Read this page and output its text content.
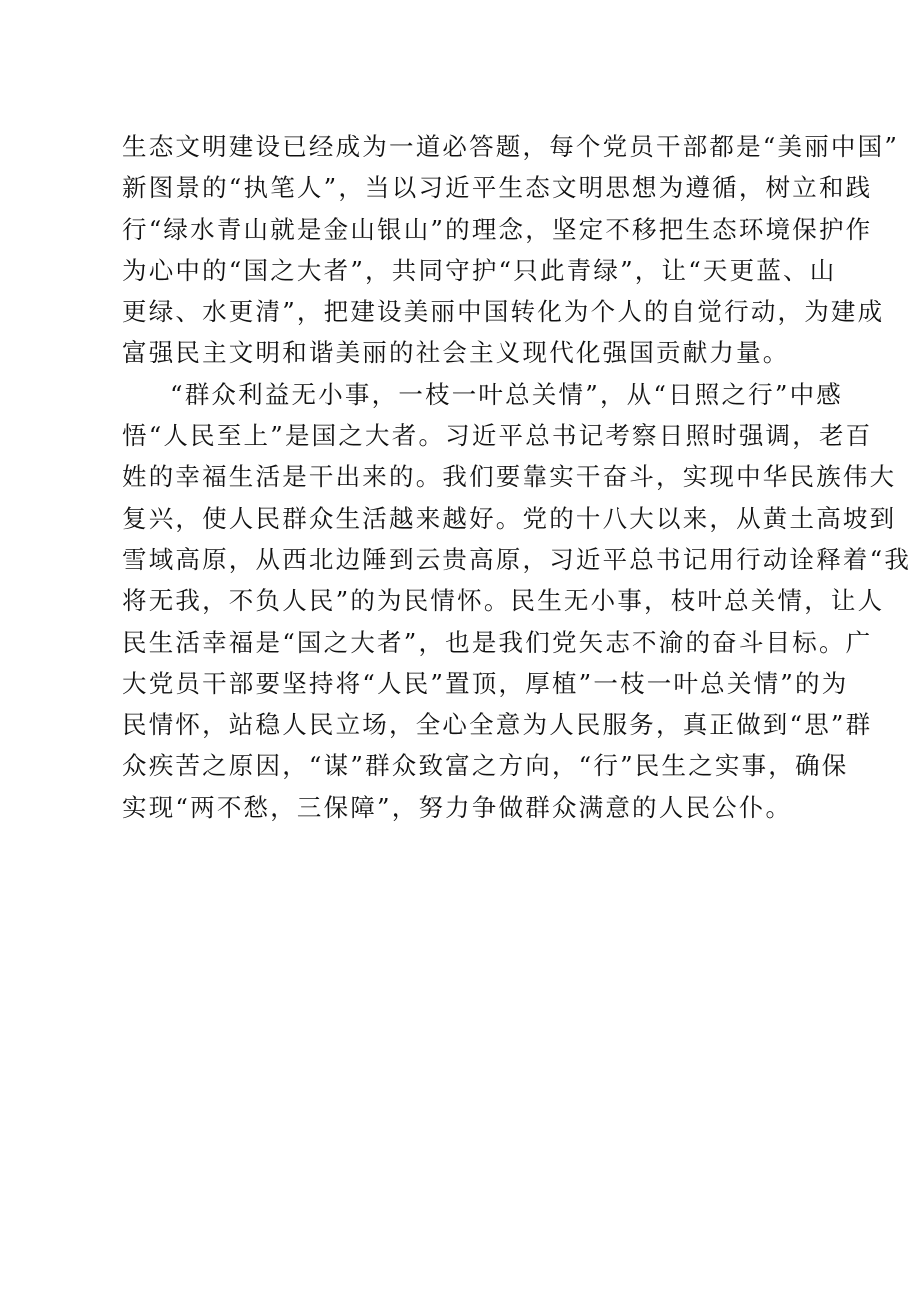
生态文明建设已经成为一道必答题，每个党员干部都是“美丽中国”
新图景的“执笔人”，当以习近平生态文明思想为遵循，树立和践
行“绿水青山就是金山银山”的理念，坚定不移把生态环境保护作
为心中的“国之大者”，共同守护“只此青绿”，让“天更蓝、山
更绿、水更清”，把建设美丽中国转化为个人的自觉行动，为建成
富强民主文明和谐美丽的社会主义现代化强国贡献力量。
“群众利益无小事，一枝一叶总关情”，从“日照之行”中感
悟“人民至上”是国之大者。习近平总书记考察日照时强调，老百
姓的幸福生活是干出来的。我们要靠实干奋斗，实现中华民族伟大
复兴，使人民群众生活越来越好。党的十八大以来，从黄土高坡到
雪域高原，从西北边陲到云贵高原，习近平总书记用行动诠释着“我
将无我，不负人民”的为民情怀。民生无小事，枝叶总关情，让人
民生活幸福是“国之大者”，也是我们党矢志不渝的奋斗目标。广
大党员干部要坚持将“人民”置顶，厚植”一枝一叶总关情”的为
民情怀，站稳人民立场，全心全意为人民服务，真正做到“思”群
众疾苦之原因，“谋”群众致富之方向，“行”民生之实事，确保
实现“两不愁，三保障”，努力争做群众满意的人民公仆。
